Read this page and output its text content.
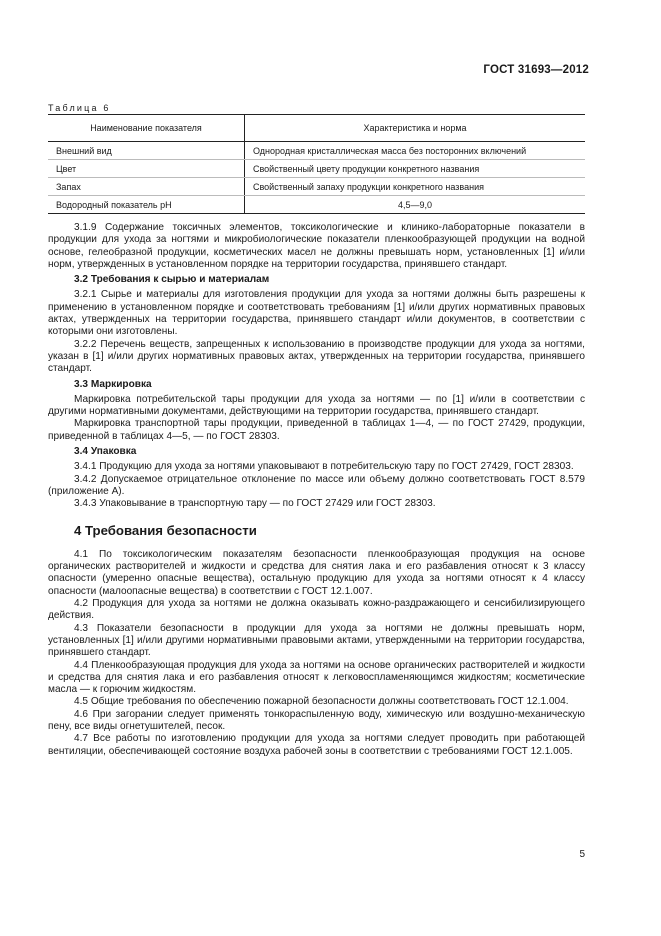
ГОСТ 31693—2012
Таблица 6
Наименование показателя	Характеристика и норма
Внешний вид	Однородная кристаллическая масса без посторонних включений
Цвет	Свойственный цвету продукции конкретного названия
Запах	Свойственный запаху продукции конкретного названия
Водородный показатель pH	4,5—9,0

3.1.9 Содержание токсичных элементов, токсикологические и клинико-лабораторные показатели в продукции для ухода за ногтями и микробиологические показатели пленкообразующей продукции на водной основе, гелеобразной продукции, косметических масел не должны превышать норм, установленных [1] и/или норм, утвержденных в установленном порядке на территории государства, принявшего стандарт.

3.2 Требования к сырью и материалам

3.2.1 Сырье и материалы для изготовления продукции для ухода за ногтями должны быть разрешены к применению в установленном порядке и соответствовать требованиям [1] и/или других нормативных правовых актах, утвержденных на территории государства, принявшего стандарт и/или документов, в соответствии с которыми они изготовлены.

3.2.2 Перечень веществ, запрещенных к использованию в производстве продукции для ухода за ногтями, указан в [1] и/или других нормативных правовых актах, утвержденных на территории государства, принявшего стандарт.

3.3 Маркировка

Маркировка потребительской тары продукции для ухода за ногтями — по [1] и/или в соответствии с другими нормативными документами, действующими на территории государства, принявшего стандарт.

Маркировка транспортной тары продукции, приведенной в таблицах 1—4, — по ГОСТ 27429, продукции, приведенной в таблицах 4—5, — по ГОСТ 28303.

3.4 Упаковка

3.4.1 Продукцию для ухода за ногтями упаковывают в потребительскую тару по ГОСТ 27429, ГОСТ 28303.

3.4.2 Допускаемое отрицательное отклонение по массе или объему должно соответствовать ГОСТ 8.579 (приложение А).

3.4.3 Упаковывание в транспортную тару — по ГОСТ 27429 или ГОСТ 28303.

4 Требования безопасности

4.1 По токсикологическим показателям безопасности пленкообразующая продукция на основе органических растворителей и жидкости и средства для снятия лака и его разбавления относят к 3 классу опасности (умеренно опасные вещества), остальную продукцию для ухода за ногтями относят к 4 классу опасности (малоопасные вещества) в соответствии с ГОСТ 12.1.007.

4.2 Продукция для ухода за ногтями не должна оказывать кожно-раздражающего и сенсибилизирующего действия.

4.3 Показатели безопасности в продукции для ухода за ногтями не должны превышать норм, установленных [1] и/или другими нормативными правовыми актами, утвержденными на территории государства, принявшего стандарт.

4.4 Пленкообразующая продукция для ухода за ногтями на основе органических растворителей и жидкости и средства для снятия лака и его разбавления относят к легковоспламеняющимся жидкостям; косметические масла — к горючим жидкостям.

4.5 Общие требования по обеспечению пожарной безопасности должны соответствовать ГОСТ 12.1.004.

4.6 При загорании следует применять тонкораспыленную воду, химическую или воздушно-механическую пену, все виды огнетушителей, песок.

4.7 Все работы по изготовлению продукции для ухода за ногтями следует проводить при работающей вентиляции, обеспечивающей состояние воздуха рабочей зоны в соответствии с требованиями ГОСТ 12.1.005.

5
